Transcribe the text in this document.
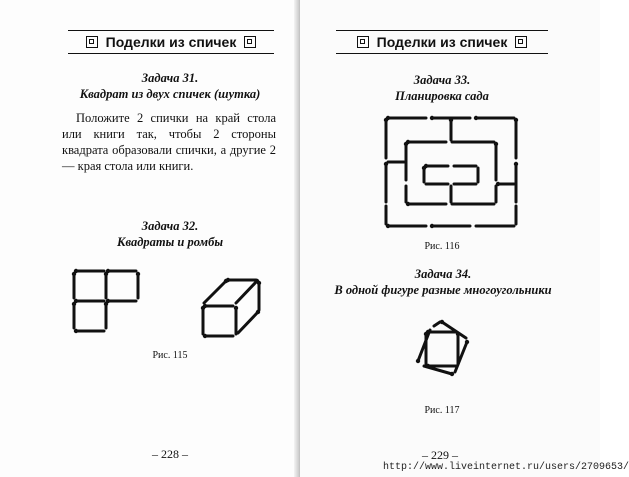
Поделки из спичек
Задача 31.
Квадрат из двух спичек (шутка)
Положите 2 спички на край стола или книги так, чтобы 2 стороны квадрата образовали спички, а другие 2 — края стола или книги.
Задача 32.
Квадраты и ромбы
Рис. 115
– 228 –
Поделки из спичек
Задача 33.
Планировка сада
Рис. 116
Задача 34.
В одной фигуре разные многоугольники
Рис. 117
– 229 –
http://www.liveinternet.ru/users/2709653/
